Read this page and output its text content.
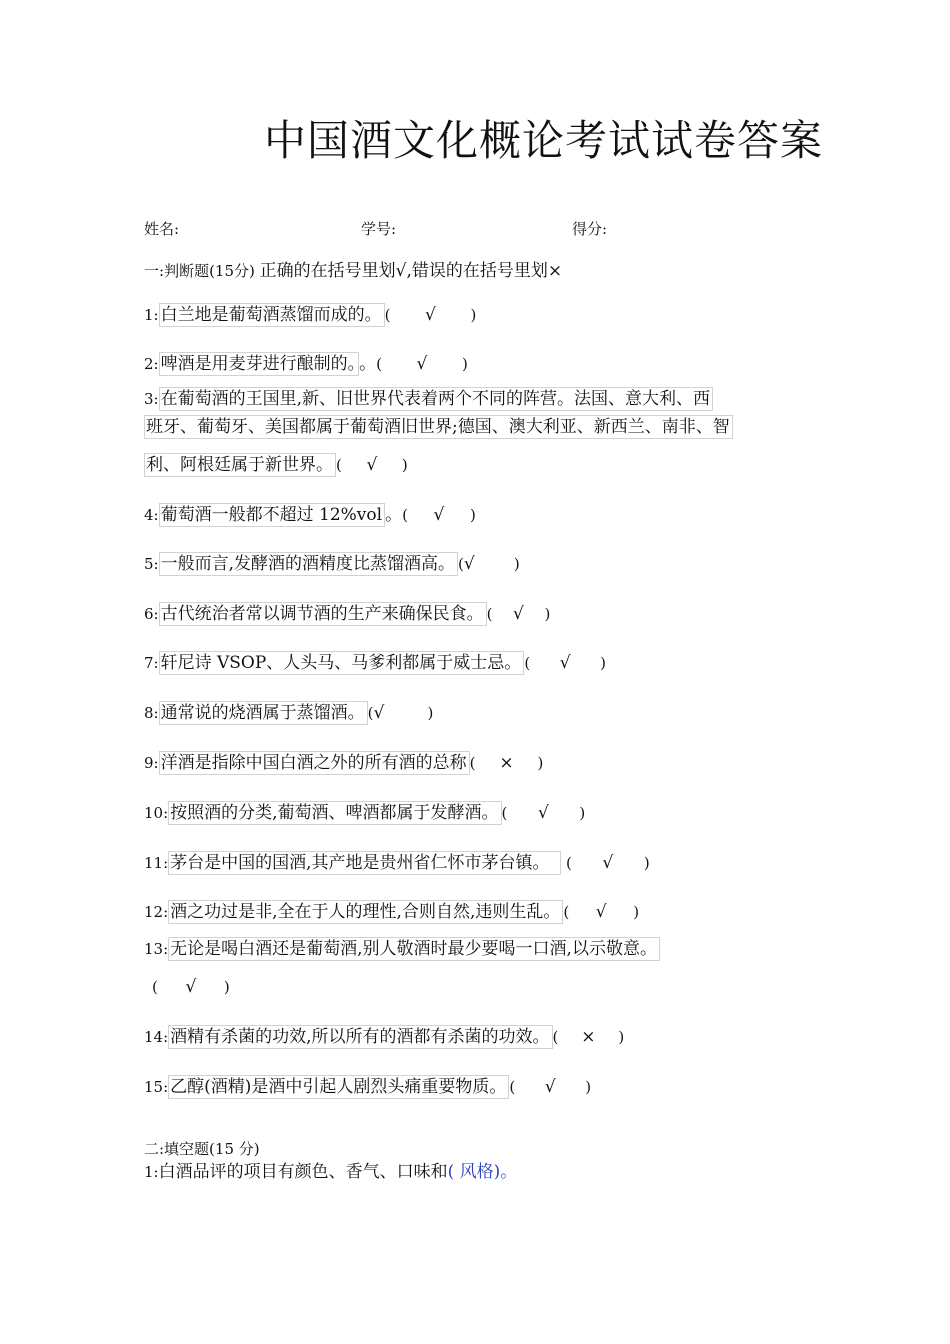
中国酒文化概论考试试卷答案
姓名:	学号:	得分:
一:判断题(15分) 正确的在括号里划√,错误的在括号里划×
1: 白兰地是葡萄酒蒸馏而成的。 ( √ )
2: 啤酒是用麦芽进行酿制的。 。( √ )
3: 在葡萄酒的王国里,新、旧世界代表着两个不同的阵营。法国、意大利、西
班牙、葡萄牙、美国都属于葡萄酒旧世界;德国、澳大利亚、新西兰、南非、智
利、阿根廷属于新世界。 ( √ )
4: 葡萄酒一般都不超过 12%vol 。( √ )
5: 一般而言,发酵酒的酒精度比蒸馏酒高。 (√	)
6: 古代统治者常以调节酒的生产来确保民食。 ( √ )
7: 轩尼诗 VSOP、人头马、马爹利都属于威士忌。 ( √ )
8: 通常说的烧酒属于蒸馏酒。 (√	)
9: 洋酒是指除中国白酒之外的所有酒的总称 ( × )
10: 按照酒的分类,葡萄酒、啤酒都属于发酵酒。 ( √ )
11: 茅台是中国的国酒,其产地是贵州省仁怀市茅台镇。 ( √ )
12: 酒之功过是非,全在于人的理性,合则自然,违则生乱。 ( √ )
13: 无论是喝白酒还是葡萄酒,别人敬酒时最少要喝一口酒,以示敬意。
( √ )
14: 酒精有杀菌的功效,所以所有的酒都有杀菌的功效。 ( × )
15: 乙醇(酒精)是酒中引起人剧烈头痛重要物质。 ( √ )
二:填空题(15 分)
1:白酒品评的项目有颜色、香气、口味和( 风格)。
